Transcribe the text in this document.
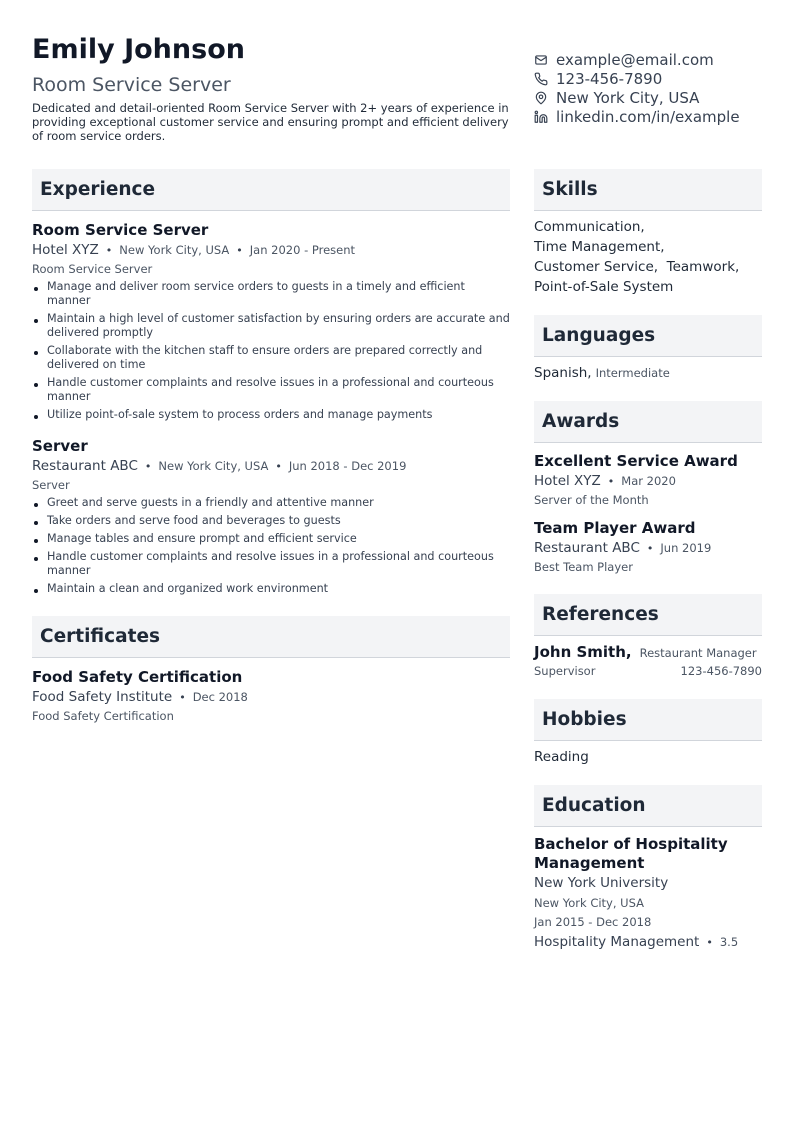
Emily Johnson
Room Service Server
Dedicated and detail-oriented Room Service Server with 2+ years of experience in providing exceptional customer service and ensuring prompt and efficient delivery of room service orders.
example@email.com
123-456-7890
New York City, USA
linkedin.com/in/example
Experience
Room Service Server
Hotel XYZ • New York City, USA • Jan 2020 - Present
Room Service Server
Manage and deliver room service orders to guests in a timely and efficient manner
Maintain a high level of customer satisfaction by ensuring orders are accurate and delivered promptly
Collaborate with the kitchen staff to ensure orders are prepared correctly and delivered on time
Handle customer complaints and resolve issues in a professional and courteous manner
Utilize point-of-sale system to process orders and manage payments
Server
Restaurant ABC • New York City, USA • Jun 2018 - Dec 2019
Server
Greet and serve guests in a friendly and attentive manner
Take orders and serve food and beverages to guests
Manage tables and ensure prompt and efficient service
Handle customer complaints and resolve issues in a professional and courteous manner
Maintain a clean and organized work environment
Certificates
Food Safety Certification
Food Safety Institute • Dec 2018
Food Safety Certification
Skills
Communication,
Time Management,
Customer Service, Teamwork,
Point-of-Sale System
Languages
Spanish, Intermediate
Awards
Excellent Service Award
Hotel XYZ • Mar 2020
Server of the Month
Team Player Award
Restaurant ABC • Jun 2019
Best Team Player
References
John Smith, Restaurant Manager
Supervisor	123-456-7890
Hobbies
Reading
Education
Bachelor of Hospitality Management
New York University
New York City, USA
Jan 2015 - Dec 2018
Hospitality Management • 3.5
